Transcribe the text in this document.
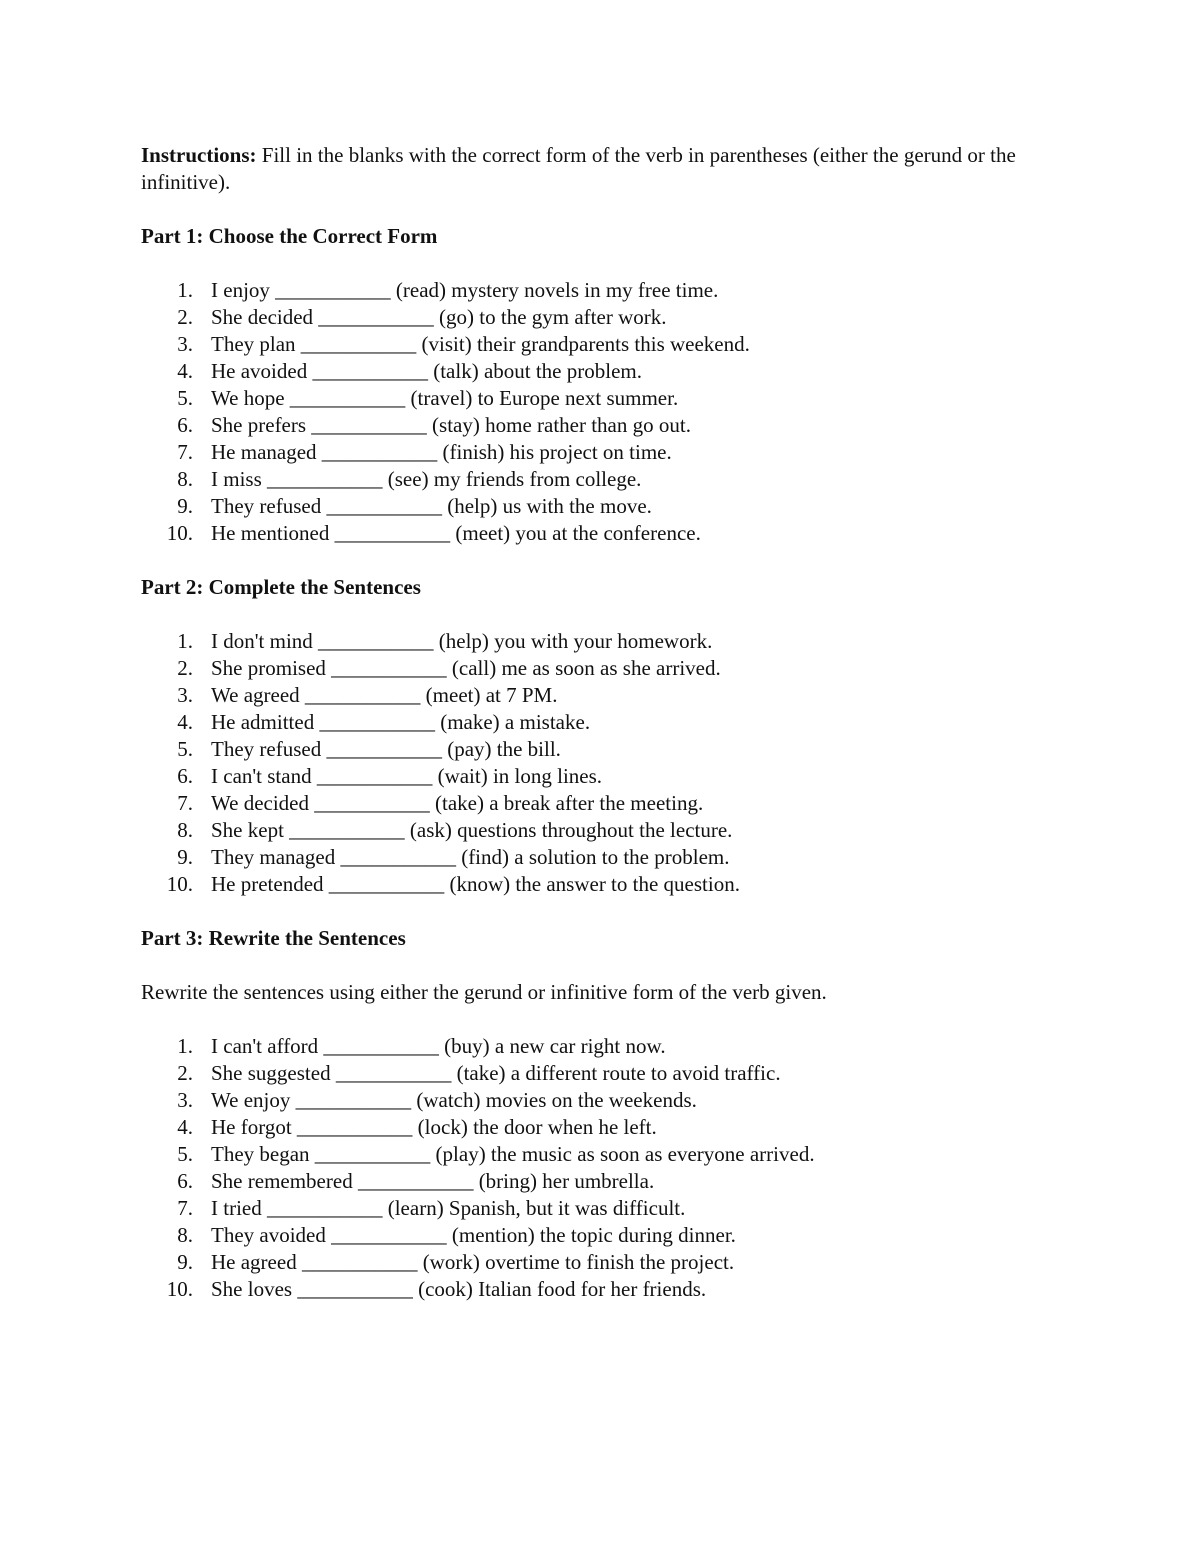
Instructions: Fill in the blanks with the correct form of the verb in parentheses (either the gerund or the infinitive).

Part 1: Choose the Correct Form

1. I enjoy ___________ (read) mystery novels in my free time.
2. She decided ___________ (go) to the gym after work.
3. They plan ___________ (visit) their grandparents this weekend.
4. He avoided ___________ (talk) about the problem.
5. We hope ___________ (travel) to Europe next summer.
6. She prefers ___________ (stay) home rather than go out.
7. He managed ___________ (finish) his project on time.
8. I miss ___________ (see) my friends from college.
9. They refused ___________ (help) us with the move.
10. He mentioned ___________ (meet) you at the conference.

Part 2: Complete the Sentences

1. I don't mind ___________ (help) you with your homework.
2. She promised ___________ (call) me as soon as she arrived.
3. We agreed ___________ (meet) at 7 PM.
4. He admitted ___________ (make) a mistake.
5. They refused ___________ (pay) the bill.
6. I can't stand ___________ (wait) in long lines.
7. We decided ___________ (take) a break after the meeting.
8. She kept ___________ (ask) questions throughout the lecture.
9. They managed ___________ (find) a solution to the problem.
10. He pretended ___________ (know) the answer to the question.

Part 3: Rewrite the Sentences

Rewrite the sentences using either the gerund or infinitive form of the verb given.

1. I can't afford ___________ (buy) a new car right now.
2. She suggested ___________ (take) a different route to avoid traffic.
3. We enjoy ___________ (watch) movies on the weekends.
4. He forgot ___________ (lock) the door when he left.
5. They began ___________ (play) the music as soon as everyone arrived.
6. She remembered ___________ (bring) her umbrella.
7. I tried ___________ (learn) Spanish, but it was difficult.
8. They avoided ___________ (mention) the topic during dinner.
9. He agreed ___________ (work) overtime to finish the project.
10. She loves ___________ (cook) Italian food for her friends.
